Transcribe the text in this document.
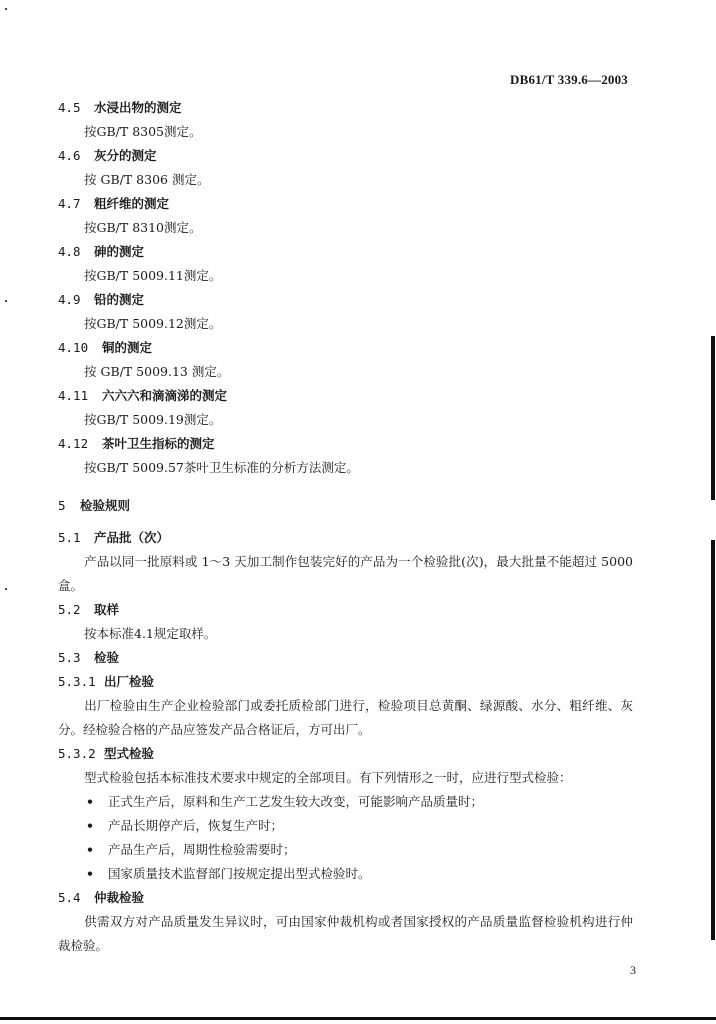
DB61/T 339.6—2003
4.5 水浸出物的测定
按GB/T 8305测定。
4.6 灰分的测定
按 GB/T 8306 测定。
4.7 粗纤维的测定
按GB/T 8310测定。
4.8 砷的测定
按GB/T 5009.11测定。
4.9 铅的测定
按GB/T 5009.12测定。
4.10 铜的测定
按 GB/T 5009.13 测定。
4.11 六六六和滴滴涕的测定
按GB/T 5009.19测定。
4.12 茶叶卫生指标的测定
按GB/T 5009.57茶叶卫生标准的分析方法测定。
5 检验规则
5.1 产品批（次）
产品以同一批原料或 1～3 天加工制作包装完好的产品为一个检验批(次)，最大批量不能超过 5000 盒。
5.2 取样
按本标准4.1规定取样。
5.3 检验
5.3.1 出厂检验
出厂检验由生产企业检验部门或委托质检部门进行，检验项目总黄酮、绿源酸、水分、粗纤维、灰分。经检验合格的产品应签发产品合格证后，方可出厂。
5.3.2 型式检验
型式检验包括本标准技术要求中规定的全部项目。有下列情形之一时，应进行型式检验：
• 正式生产后，原料和生产工艺发生较大改变，可能影响产品质量时；
• 产品长期停产后，恢复生产时；
• 产品生产后，周期性检验需要时；
• 国家质量技术监督部门按规定提出型式检验时。
5.4 仲裁检验
供需双方对产品质量发生异议时，可由国家仲裁机构或者国家授权的产品质量监督检验机构进行仲裁检验。
3
